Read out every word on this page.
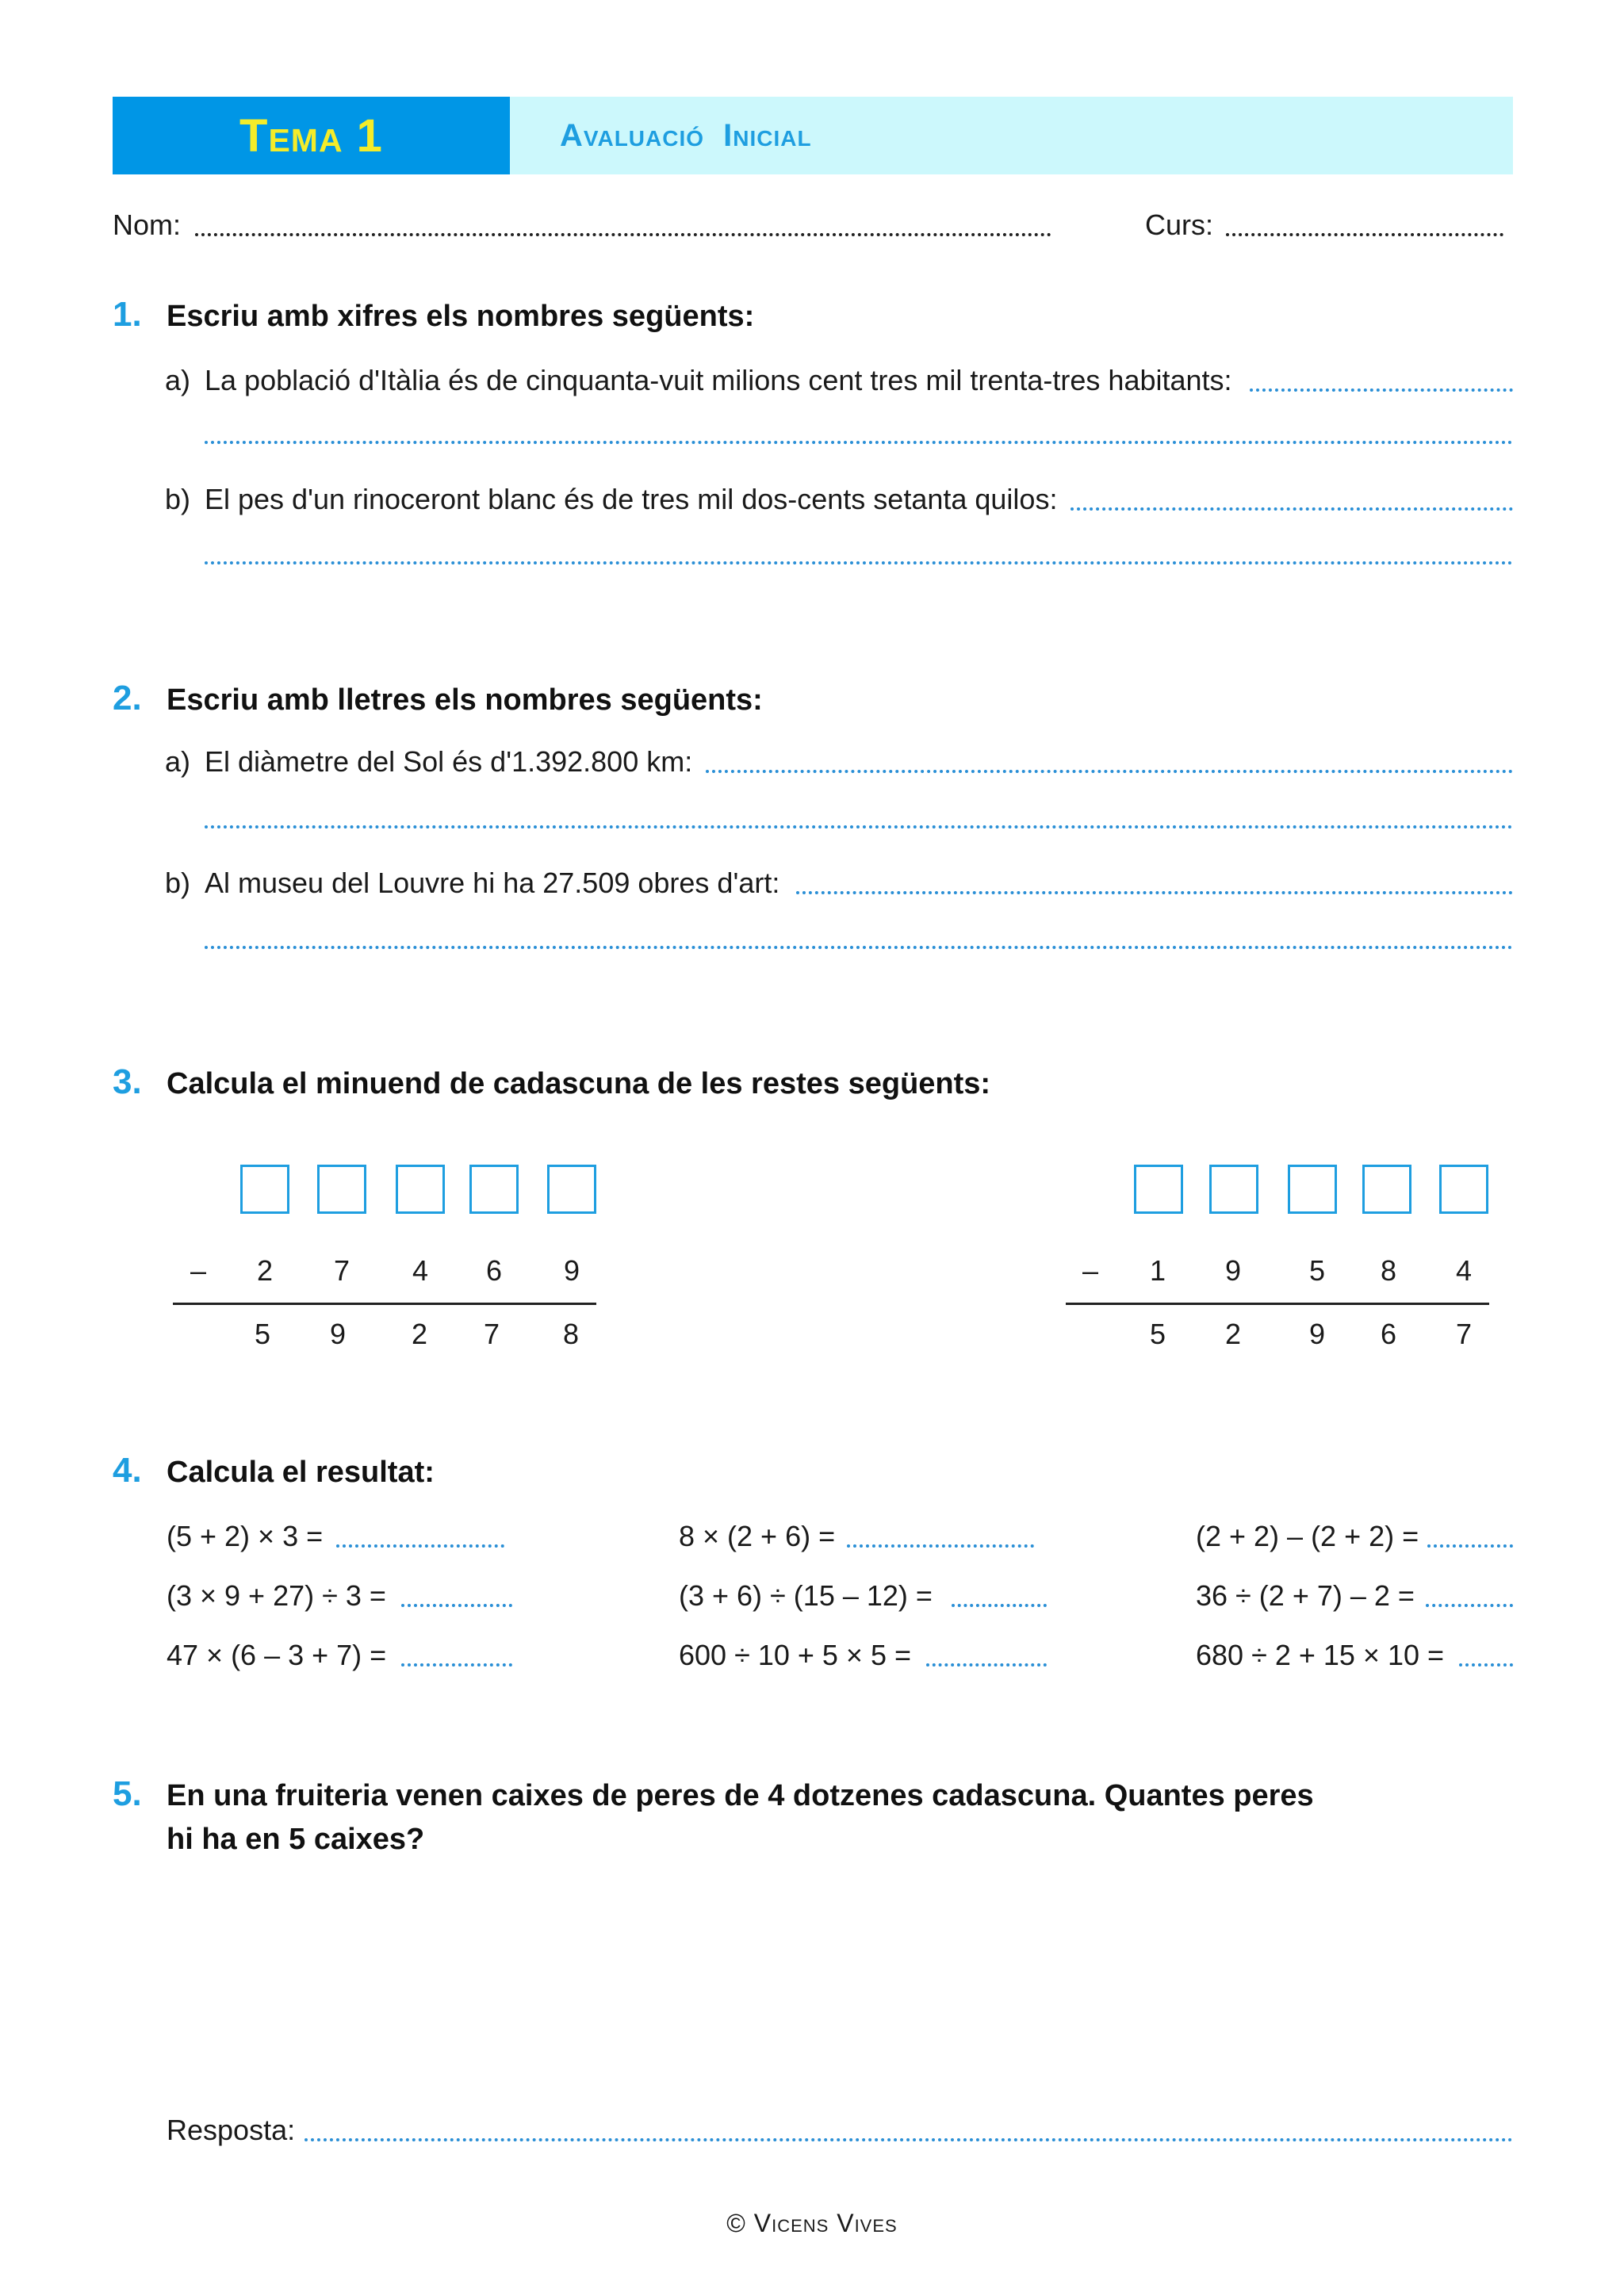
Tema 1	Avaluació Inicial
Nom:	Curs:
1. Escriu amb xifres els nombres següents:
a) La població d'Itàlia és de cinquanta-vuit milions cent tres mil trenta-tres habitants:
b) El pes d'un rinoceront blanc és de tres mil dos-cents setanta quilos:
2. Escriu amb lletres els nombres següents:
a) El diàmetre del Sol és d'1.392.800 km:
b) Al museu del Louvre hi ha 27.509 obres d'art:
3. Calcula el minuend de cadascuna de les restes següents:
– 2 7 4 6 9
5 9 2 7 8
– 1 9 5 8 4
5 2 9 6 7
4. Calcula el resultat:
(5 + 2) × 3 =	8 × (2 + 6) =	(2 + 2) – (2 + 2) =
(3 × 9 + 27) ÷ 3 =	(3 + 6) ÷ (15 – 12) =	36 ÷ (2 + 7) – 2 =
47 × (6 – 3 + 7) =	600 ÷ 10 + 5 × 5 =	680 ÷ 2 + 15 × 10 =
5. En una fruiteria venen caixes de peres de 4 dotzenes cadascuna. Quantes peres
hi ha en 5 caixes?
Resposta:
© Vicens Vives
